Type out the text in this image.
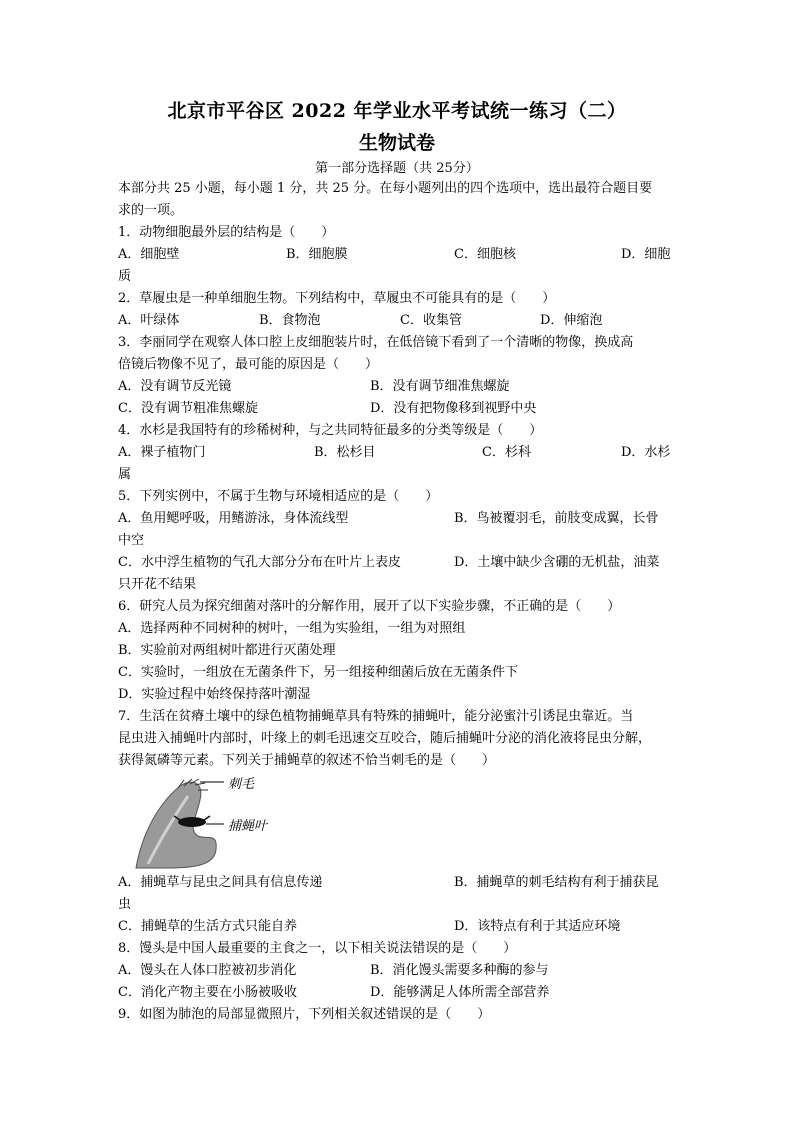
北京市平谷区 2022 年学业水平考试统一练习（二）
生物试卷
第一部分选择题（共 25分）
本部分共 25 小题，每小题 1 分，共 25 分。在每小题列出的四个选项中，选出最符合题目要
求的一项。
1．动物细胞最外层的结构是（　　）
A．细胞壁	B．细胞膜	C．细胞核	D．细胞
质
2．草履虫是一种单细胞生物。下列结构中，草履虫不可能具有的是（　　）
A．叶绿体	B．食物泡	C．收集管	D．伸缩泡
3．李丽同学在观察人体口腔上皮细胞装片时，在低倍镜下看到了一个清晰的物像，换成高
倍镜后物像不见了，最可能的原因是（　　）
A．没有调节反光镜	B．没有调节细准焦螺旋
C．没有调节粗准焦螺旋	D．没有把物像移到视野中央
4．水杉是我国特有的珍稀树种，与之共同特征最多的分类等级是（　　）
A．裸子植物门	B．松杉目	C．杉科	D．水杉
属
5．下列实例中，不属于生物与环境相适应的是（　　）
A．鱼用鳃呼吸，用鳍游泳，身体流线型	B．鸟被覆羽毛，前肢变成翼，长骨
中空
C．水中浮生植物的气孔大部分分布在叶片上表皮	D．土壤中缺少含硼的无机盐，油菜
只开花不结果
6．研究人员为探究细菌对落叶的分解作用，展开了以下实验步骤，不正确的是（　　）
A．选择两种不同树种的树叶，一组为实验组，一组为对照组
B．实验前对两组树叶都进行灭菌处理
C．实验时，一组放在无菌条件下，另一组接种细菌后放在无菌条件下
D．实验过程中始终保持落叶潮湿
7．生活在贫瘠土壤中的绿色植物捕蝇草具有特殊的捕蝇叶，能分泌蜜汁引诱昆虫靠近。当
昆虫进入捕蝇叶内部时，叶缘上的刺毛迅速交互咬合，随后捕蝇叶分泌的消化液将昆虫分解，
获得氮磷等元素。下列关于捕蝇草的叙述不恰当刺毛的是（　　）
刺毛
捕蝇叶
A．捕蝇草与昆虫之间具有信息传递	B．捕蝇草的刺毛结构有利于捕获昆
虫
C．捕蝇草的生活方式只能自养	D．该特点有利于其适应环境
8．馒头是中国人最重要的主食之一，以下相关说法错误的是（　　）
A．馒头在人体口腔被初步消化	B．消化馒头需要多种酶的参与
C．消化产物主要在小肠被吸收	D．能够满足人体所需全部营养
9．如图为肺泡的局部显微照片，下列相关叙述错误的是（　　）
